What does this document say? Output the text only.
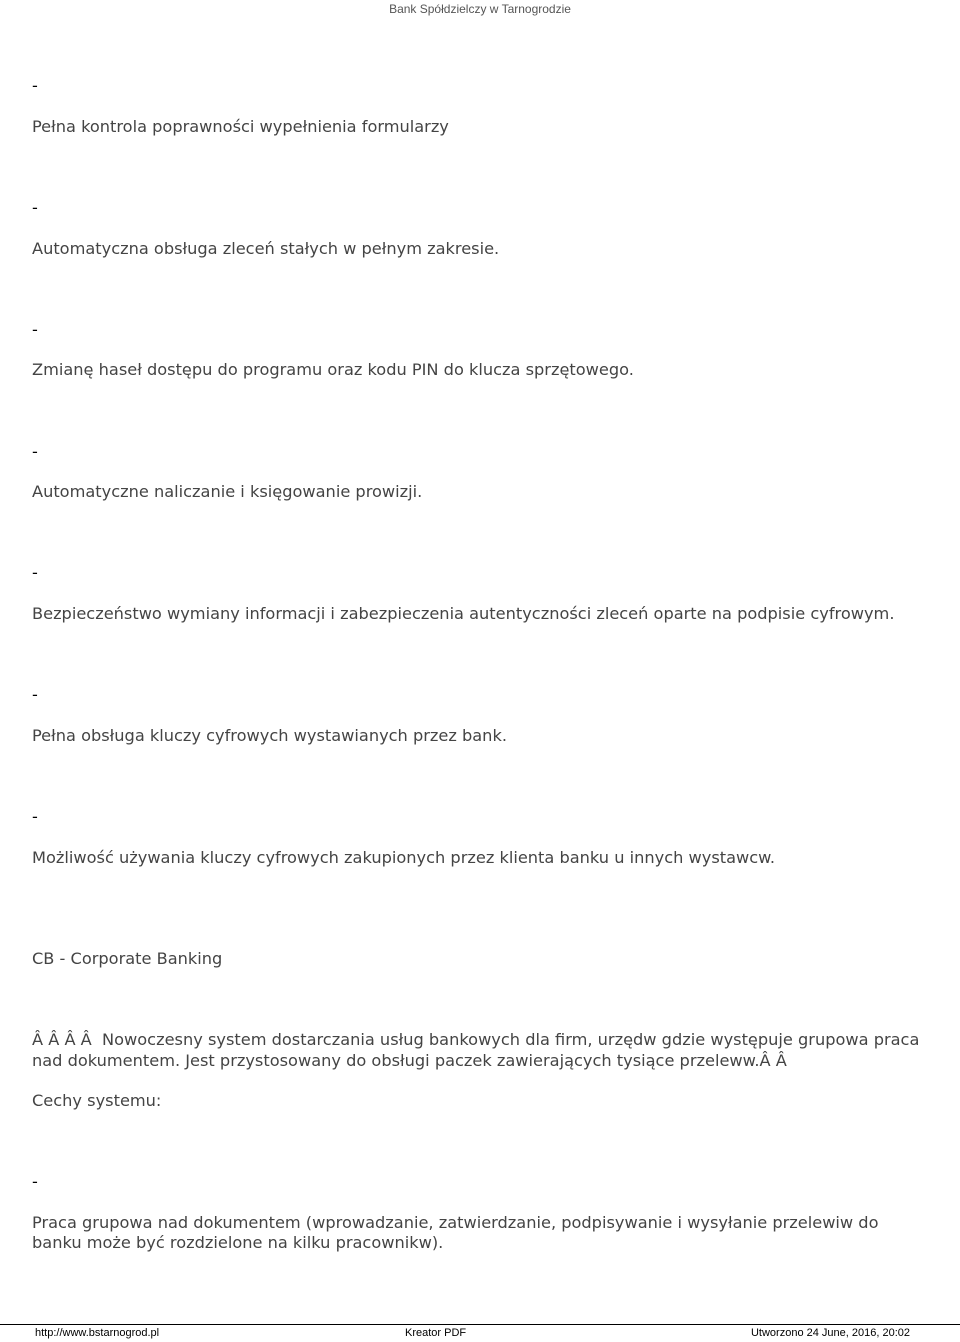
Bank Spółdzielczy w Tarnogrodzie
-
Pełna kontrola poprawności wypełnienia formularzy
-
Automatyczna obsługa zleceń stałych w pełnym zakresie.
-
Zmianę haseł dostępu do programu oraz kodu PIN do klucza sprzętowego.
-
Automatyczne naliczanie i księgowanie prowizji.
-
Bezpieczeństwo wymiany informacji i zabezpieczenia autentyczności zleceń oparte na podpisie cyfrowym.
-
Pełna obsługa kluczy cyfrowych wystawianych przez bank.
-
Możliwość używania kluczy cyfrowych zakupionych przez klienta banku u innych wystawcw.
CB - Corporate Banking
Â Â Â Â  Nowoczesny system dostarczania usług bankowych dla firm, urzędw gdzie występuje grupowa praca nad dokumentem. Jest przystosowany do obsługi paczek zawierających tysiące przeleww.Â Â
Cechy systemu:
-
Praca grupowa nad dokumentem (wprowadzanie, zatwierdzanie, podpisywanie i wysyłanie przelewiw do banku może być rozdzielone na kilku pracownikw).
http://www.bstarnogrod.pl	Kreator PDF	Utworzono 24 June, 2016, 20:02
